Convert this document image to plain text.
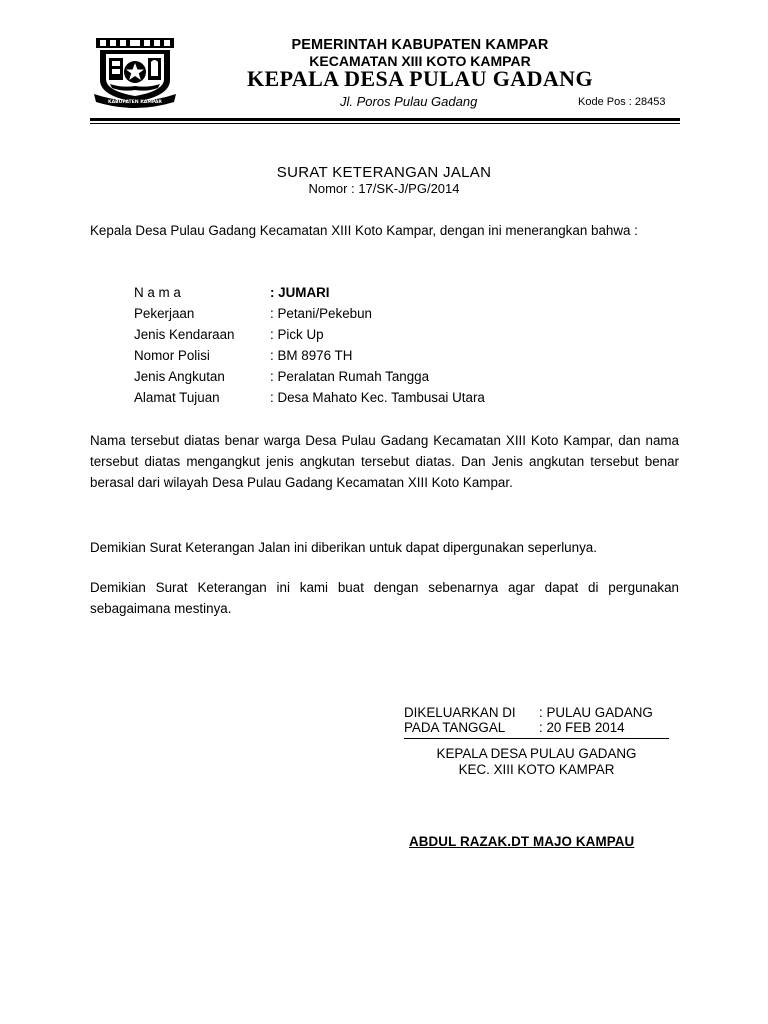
KABUPATEN KAMPAR
PEMERINTAH KABUPATEN KAMPAR
KECAMATAN XIII KOTO KAMPAR
KEPALA DESA PULAU GADANG
Jl. Poros Pulau Gadang	Kode Pos : 28453
SURAT KETERANGAN JALAN
Nomor : 17/SK-J/PG/2014
Kepala Desa Pulau Gadang Kecamatan XIII Koto Kampar, dengan ini menerangkan bahwa :
N a m a	: JUMARI
Pekerjaan	: Petani/Pekebun
Jenis Kendaraan	: Pick Up
Nomor Polisi	: BM 8976 TH
Jenis Angkutan	: Peralatan Rumah Tangga
Alamat Tujuan	: Desa Mahato Kec. Tambusai Utara
Nama tersebut diatas benar warga Desa Pulau Gadang Kecamatan XIII Koto Kampar, dan nama tersebut diatas mengangkut jenis angkutan tersebut diatas. Dan Jenis angkutan tersebut benar berasal dari wilayah Desa Pulau Gadang Kecamatan XIII Koto Kampar.
Demikian Surat Keterangan Jalan ini diberikan untuk dapat dipergunakan seperlunya.
Demikian Surat Keterangan ini kami buat dengan sebenarnya agar dapat di pergunakan sebagaimana mestinya.
DIKELUARKAN DI : PULAU GADANG
PADA TANGGAL	: 20 FEB 2014
KEPALA DESA PULAU GADANG
KEC. XIII KOTO KAMPAR
ABDUL RAZAK.DT MAJO KAMPAU
